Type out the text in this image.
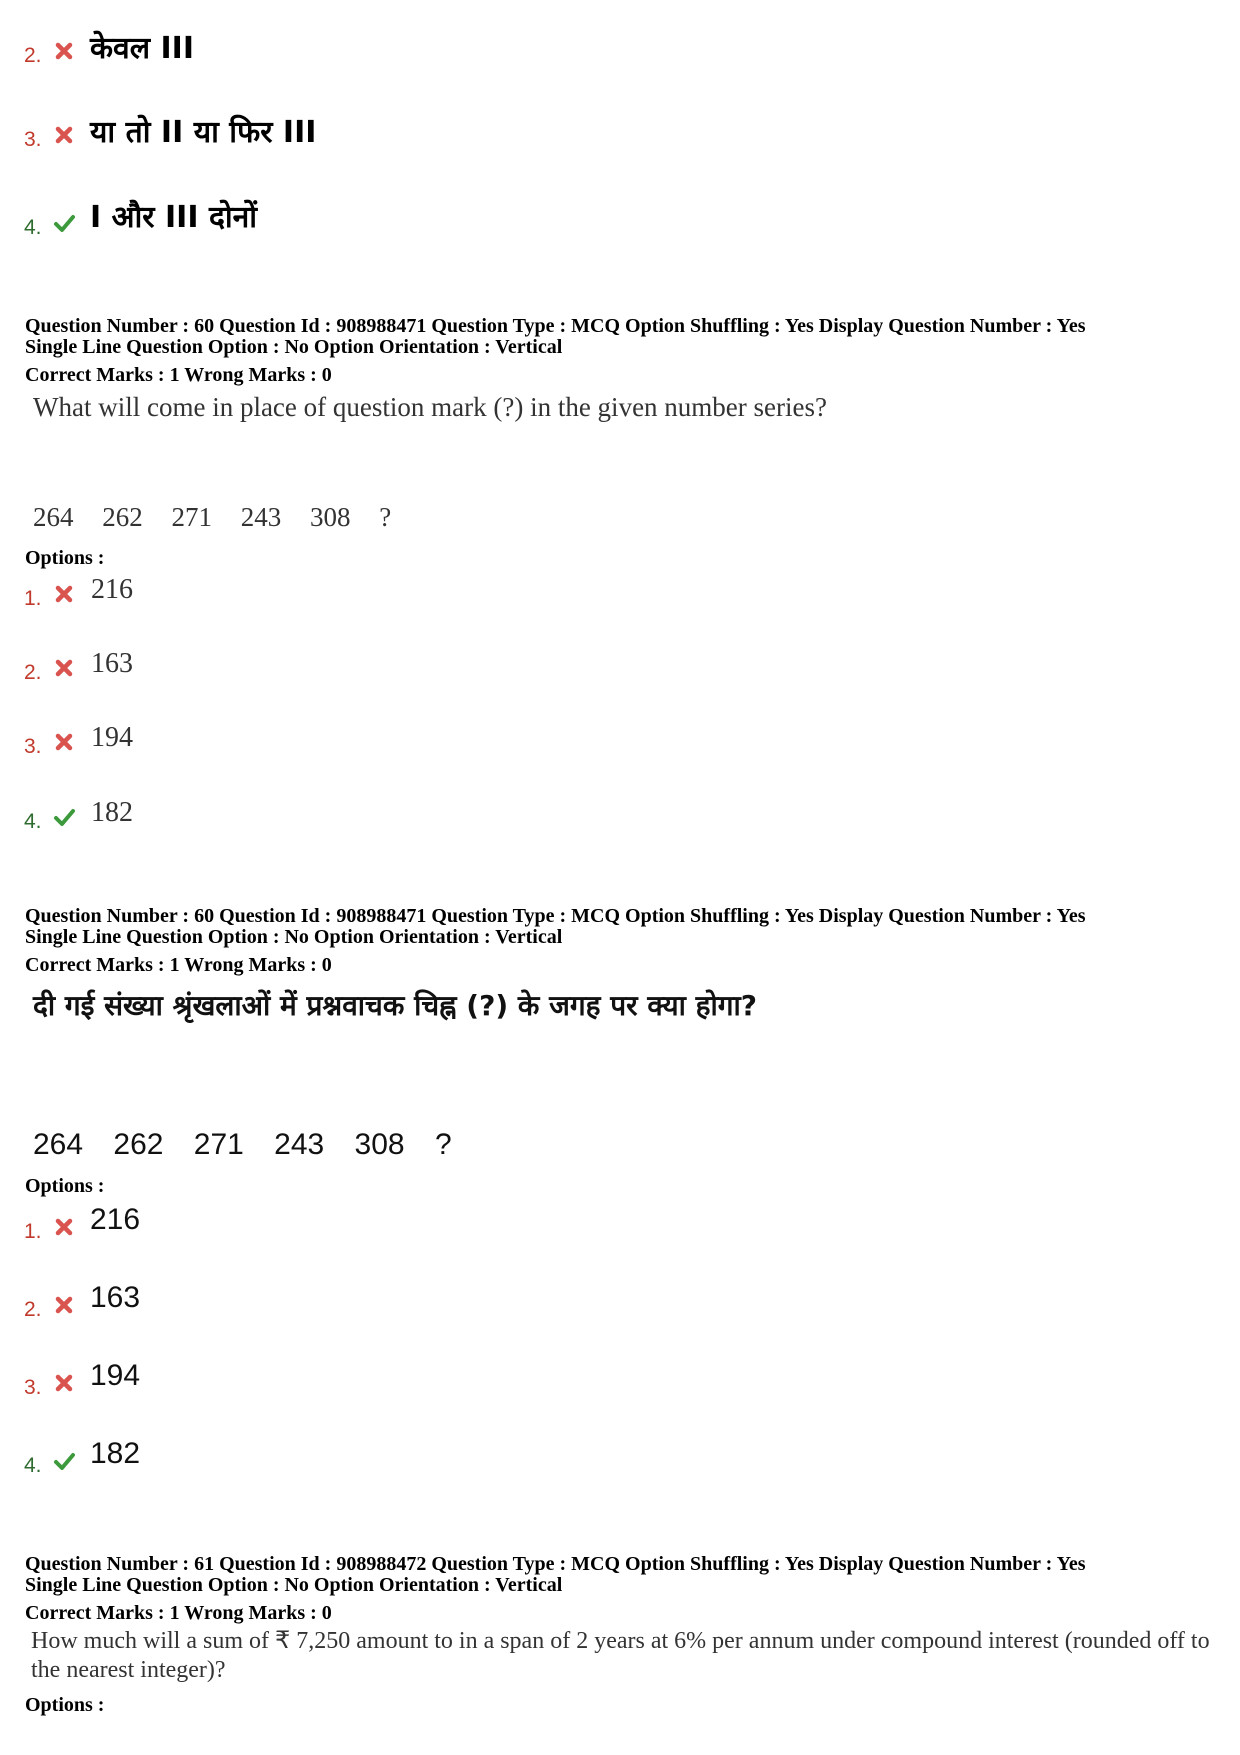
2. केवल III
3. या तो II या फिर III
4. I और III दोनों
Question Number : 60 Question Id : 908988471 Question Type : MCQ Option Shuffling : Yes Display Question Number : Yes
Single Line Question Option : No Option Orientation : Vertical
Correct Marks : 1 Wrong Marks : 0
What will come in place of question mark (?) in the given number series?
264 262 271 243 308 ?
Options :
1. 216
2. 163
3. 194
4. 182
Question Number : 60 Question Id : 908988471 Question Type : MCQ Option Shuffling : Yes Display Question Number : Yes
Single Line Question Option : No Option Orientation : Vertical
Correct Marks : 1 Wrong Marks : 0
दी गई संख्या श्रृंखलाओं में प्रश्नवाचक चिह्न (?) के जगह पर क्या होगा?
264 262 271 243 308 ?
Options :
1. 216
2. 163
3. 194
4. 182
Question Number : 61 Question Id : 908988472 Question Type : MCQ Option Shuffling : Yes Display Question Number : Yes
Single Line Question Option : No Option Orientation : Vertical
Correct Marks : 1 Wrong Marks : 0
How much will a sum of ₹ 7,250 amount to in a span of 2 years at 6% per annum under compound interest (rounded off to the nearest integer)?
Options :
